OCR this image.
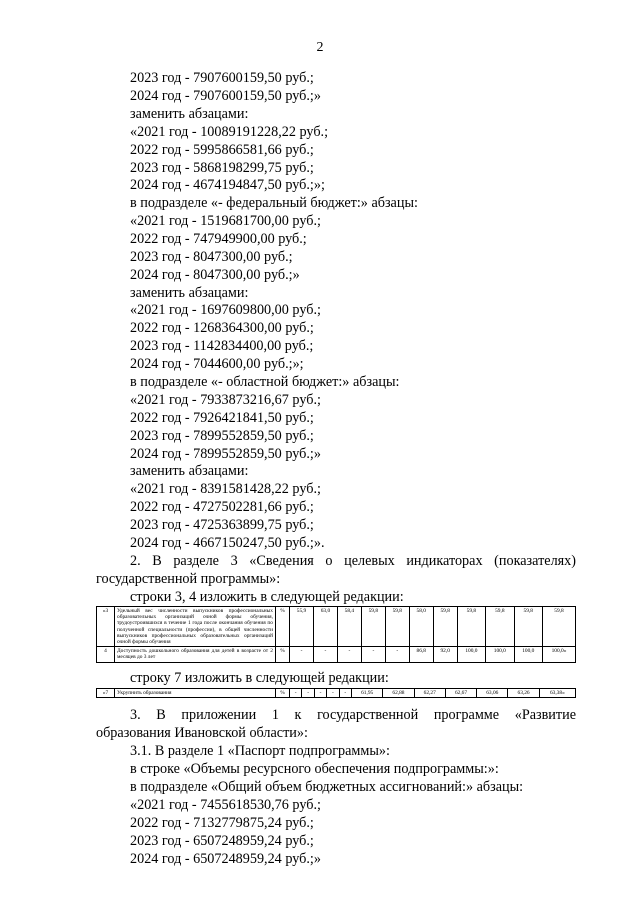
2
2023 год - 7907600159,50 руб.;
2024 год - 7907600159,50 руб.;»
заменить абзацами:
«2021 год - 10089191228,22 руб.;
2022 год - 5995866581,66 руб.;
2023 год - 5868198299,75 руб.;
2024 год - 4674194847,50 руб.;»;
в подразделе «- федеральный бюджет:» абзацы:
«2021 год - 1519681700,00 руб.;
2022 год - 747949900,00 руб.;
2023 год - 8047300,00 руб.;
2024 год - 8047300,00 руб.;»
заменить абзацами:
«2021 год - 1697609800,00 руб.;
2022 год - 1268364300,00 руб.;
2023 год - 1142834400,00 руб.;
2024 год - 7044600,00 руб.;»;
в подразделе «- областной бюджет:» абзацы:
«2021 год - 7933873216,67 руб.;
2022 год - 7926421841,50 руб.;
2023 год - 7899552859,50 руб.;
2024 год - 7899552859,50 руб.;»
заменить абзацами:
«2021 год - 8391581428,22 руб.;
2022 год - 4727502281,66 руб.;
2023 год - 4725363899,75 руб.;
2024 год - 4667150247,50 руб.;».
2. В разделе 3 «Сведения о целевых индикаторах (показателях)
государственной программы»:
строки 3, 4 изложить в следующей редакции:
«3	Удельный вес численности выпускников профессиональных образовательных организаций очной формы обучения, трудоустроившихся в течение 1 года после окончания обучения по полученной специальности (профессии), в общей численности выпускников профессиональных образовательных организаций очной формы обучения	%	55,9	63,0	58,4	59,8	59,8	58,0	59,8	59,8	59,8	59,8	59,8
4	Доступность дошкольного образования для детей в возрасте от 2 месяцев до 3 лет	%	-	-	-	-	-	86,8	92,0	100,0	100,0	100,0	100,0»
строку 7 изложить в следующей редакции:
«7	Укрупнить образования	%	-	-	-	-	-	61,95	62,88	62,27	62,67	63,06	63,26	63,38»
3. В приложении 1 к государственной программе «Развитие
образования Ивановской области»:
3.1. В разделе 1 «Паспорт подпрограммы»:
в строке «Объемы ресурсного обеспечения подпрограммы:»:
в подразделе «Общий объем бюджетных ассигнований:» абзацы:
«2021 год - 7455618530,76 руб.;
2022 год - 7132779875,24 руб.;
2023 год - 6507248959,24 руб.;
2024 год - 6507248959,24 руб.;»
